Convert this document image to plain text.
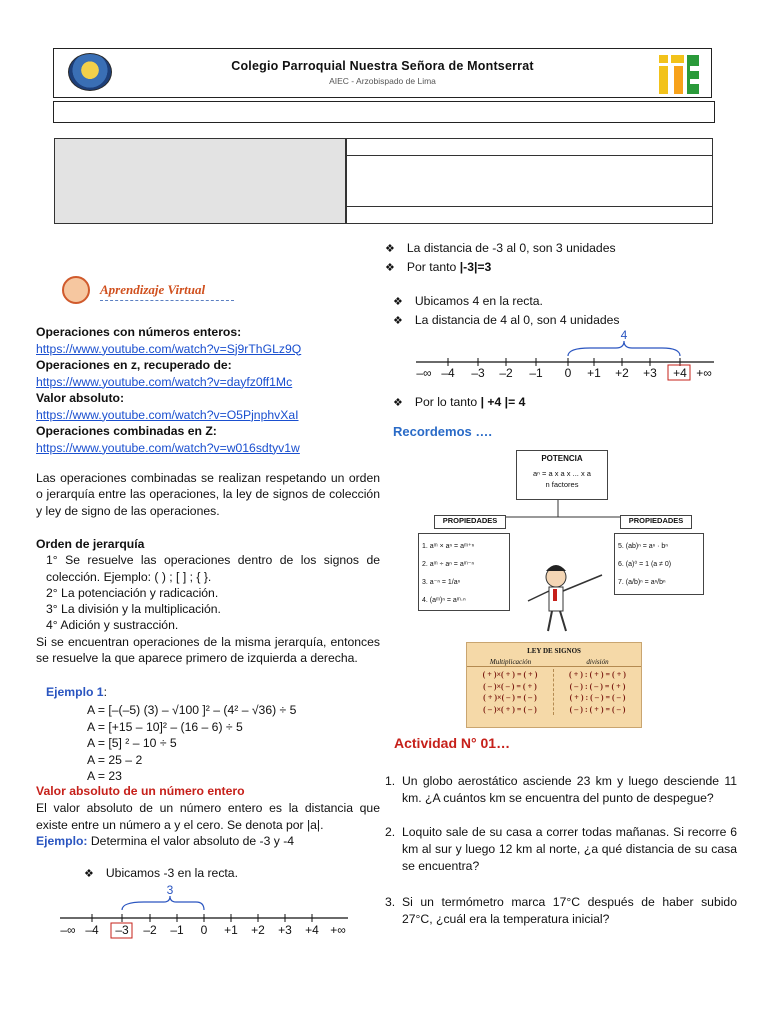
Colegio Parroquial Nuestra Señora de Montserrat
AIEC - Arzobispado de Lima
Aprendizaje Virtual
Operaciones con números enteros:
https://www.youtube.com/watch?v=Sj9rThGLz9Q
Operaciones en z, recuperado de:
https://www.youtube.com/watch?v=dayfz0ff1Mc
Valor absoluto:
https://www.youtube.com/watch?v=O5PjnphvXaI
Operaciones combinadas en Z:
https://www.youtube.com/watch?v=w016sdtyv1w
Las operaciones combinadas se realizan respetando un orden o jerarquía entre las operaciones, la ley de signos de colección y ley de signo de las operaciones.
Orden de jerarquía
1° Se resuelve las operaciones dentro de los signos de colección. Ejemplo: ( ) ; [ ] ; { }.
2° La potenciación y radicación.
3° La división y la multiplicación.
4° Adición y sustracción.

Si se encuentran operaciones de la misma jerarquía, entonces se resuelve la que aparece primero de izquierda a derecha.

Ejemplo 1:
A = [–(–5) (3) – √100 ]² – (4² – √36) ÷ 5
A = [+15 – 10]² – (16 – 6) ÷ 5
A = [5] ² – 10 ÷ 5
A = 25 – 2
A = 23
Valor absoluto de un número entero
El valor absoluto de un número entero es la distancia que existe entre un número a y el cero. Se denota por |a|.
Ejemplo: Determina el valor absoluto de -3 y -4
❖ Ubicamos -3 en la recta.
3
–∞ –4 –3 –2 –1 0 +1 +2 +3 +4 +∞
❖ La distancia de -3 al 0, son 3 unidades
❖ Por tanto |-3|=3
❖ Ubicamos 4 en la recta.
❖ La distancia de 4 al 0, son 4 unidades
4
–∞ –4 –3 –2 –1 0 +1 +2 +3 +4 +∞
❖ Por lo tanto | +4 |= 4
Recordemos ….
POTENCIA
aⁿ = a x a x ... x a
n factores
PROPIEDADES
1. aᵐ × aⁿ = aᵐ⁺ⁿ
2. aᵐ ÷ aⁿ = aᵐ⁻ⁿ
3. a⁻ⁿ = 1/aⁿ
4. (aᵐ)ⁿ = aᵐ·ⁿ
PROPIEDADES
5. (ab)ⁿ = aⁿ · bⁿ
6. (a)⁰ = 1 (a ≠ 0)
7. (a/b)ⁿ = aⁿ/bⁿ
LEY DE SIGNOS
Multiplicación	división
( + )×( + ) = ( + )
( – )×( – ) = ( + )
( + )×( – ) = ( – )
( – )×( + ) = ( – )
( + ) : ( + ) = ( + )
( – ) : ( – ) = ( + )
( + ) : ( – ) = ( – )
( – ) : ( + ) = ( – )
Actividad N° 01…
1. Un globo aerostático asciende 23 km y luego desciende 11 km. ¿A cuántos km se encuentra del punto de despegue?
2. Loquito sale de su casa a correr todas mañanas. Si recorre 6 km al sur y luego 12 km al norte, ¿a qué distancia de su casa se encuentra?
3. Si un termómetro marca 17°C después de haber subido 27°C, ¿cuál era la temperatura inicial?
